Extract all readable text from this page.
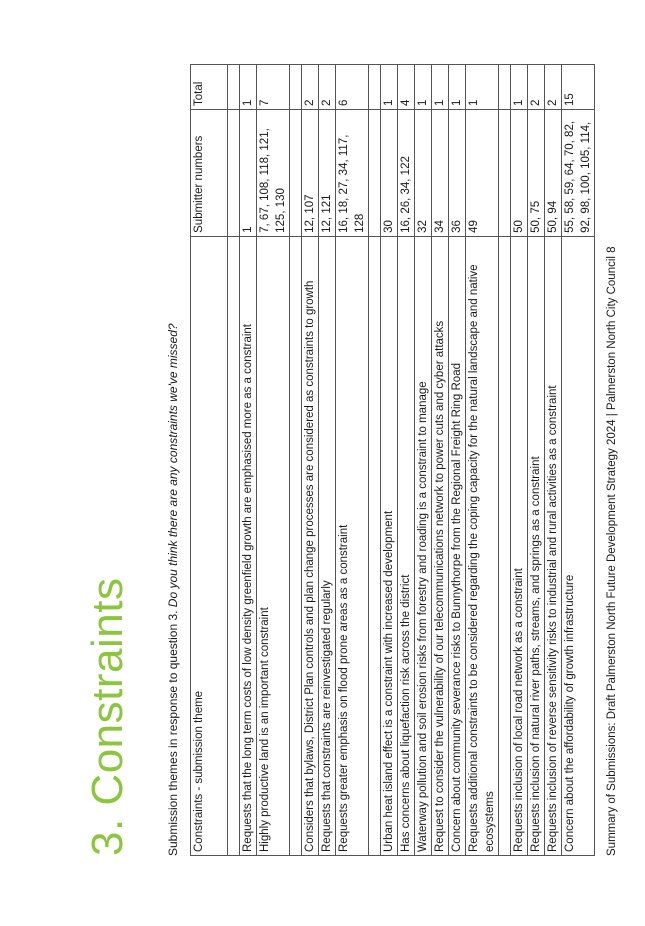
3. Constraints	Submission themes in response to question 3. Do you think there are any constraints we've missed?
Constraints - submission theme	Submitter numbers	Total

Requests that the long term costs of low density greenfield growth are emphasised more as a constraint	1	1
Highly productive land is an important constraint	7, 67, 108, 118, 121, 125, 130	7

Considers that bylaws, District Plan controls and plan change processes are considered as constraints to growth	12, 107	2
Requests that constraints are reinvestigated regularly	12, 121	2
Requests greater emphasis on flood prone areas as a constraint	16, 18, 27, 34, 117, 128	6

Urban heat island effect is a constraint with increased development	30	1
Has concerns about liquefaction risk across the district	16, 26, 34, 122	4
Waterway pollution and soil erosion risks from forestry and roading is a constraint to manage	32	1
Request to consider the vulnerability of our telecommunications network to power cuts and cyber attacks	34	1
Concern about community severance risks to Bunnythorpe from the Regional Freight Ring Road	36	1
Requests additional constraints to be considered regarding the coping capacity for the natural landscape and native ecosystems	49	1

Requests inclusion of local road network as a constraint	50	1
Requests inclusion of natural river paths, streams, and springs as a constraint	50, 75	2
Requests inclusion of reverse sensitivity risks to industrial and rural activities as a constraint	50, 94	2
Concern about the affordability of growth infrastructure	55, 58, 59, 64, 70, 82, 92, 98, 100, 105, 114,	15
Summary of Submissions: Draft Palmerston North Future Development Strategy 2024 | Palmerston North City Council 8
